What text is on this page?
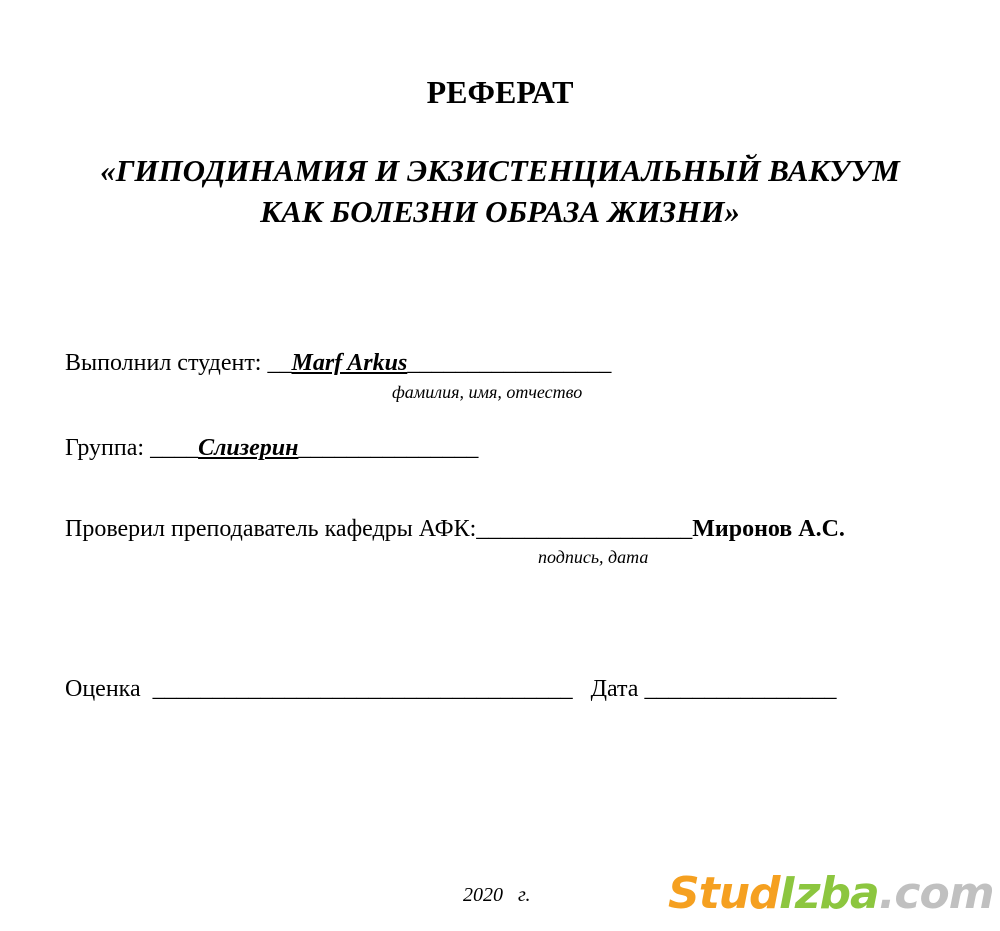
РЕФЕРАТ
«ГИПОДИНАМИЯ И ЭКЗИСТЕНЦИАЛЬНЫЙ ВАКУУМ
КАК БОЛЕЗНИ ОБРАЗА ЖИЗНИ»
Выполнил студент: __Marf Arkus_________________
фамилия, имя, отчество
Группа: ____Слизерин_______________
Проверил преподаватель кафедры АФК:__________________Миронов А.С.
подпись, дата
Оценка  ___________________________________   Дата ________________
2020   г.	StudIzba.com
